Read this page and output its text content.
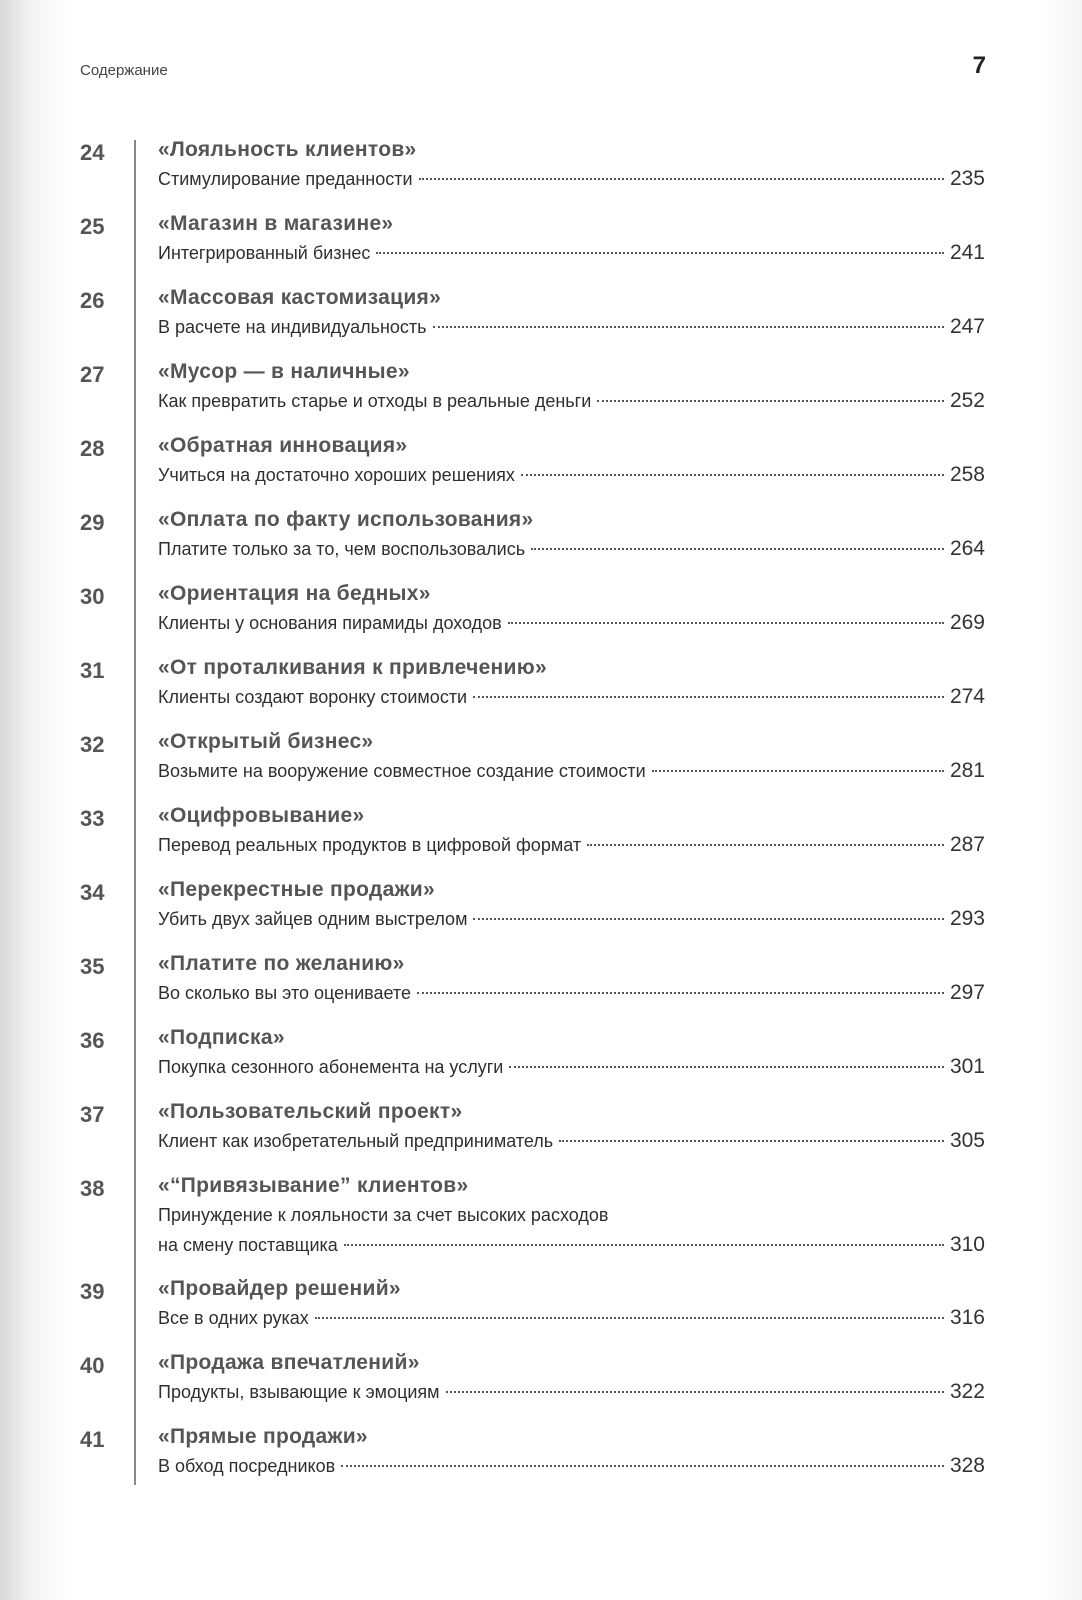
Содержание	7
24	«Лояльность клиентов»
Стимулирование преданности	235
25	«Магазин в магазине»
Интегрированный бизнес	241
26	«Массовая кастомизация»
В расчете на индивидуальность	247
27	«Мусор — в наличные»
Как превратить старье и отходы в реальные деньги	252
28	«Обратная инновация»
Учиться на достаточно хороших решениях	258
29	«Оплата по факту использования»
Платите только за то, чем воспользовались	264
30	«Ориентация на бедных»
Клиенты у основания пирамиды доходов	269
31	«От проталкивания к привлечению»
Клиенты создают воронку стоимости	274
32	«Открытый бизнес»
Возьмите на вооружение совместное создание стоимости	281
33	«Оцифровывание»
Перевод реальных продуктов в цифровой формат	287
34	«Перекрестные продажи»
Убить двух зайцев одним выстрелом	293
35	«Платите по желанию»
Во сколько вы это оцениваете	297
36	«Подписка»
Покупка сезонного абонемента на услуги	301
37	«Пользовательский проект»
Клиент как изобретательный предприниматель	305
38	«“Привязывание” клиентов»
Принуждение к лояльности за счет высоких расходов
на смену поставщика	310
39	«Провайдер решений»
Все в одних руках	316
40	«Продажа впечатлений»
Продукты, взывающие к эмоциям	322
41	«Прямые продажи»
В обход посредников	328
